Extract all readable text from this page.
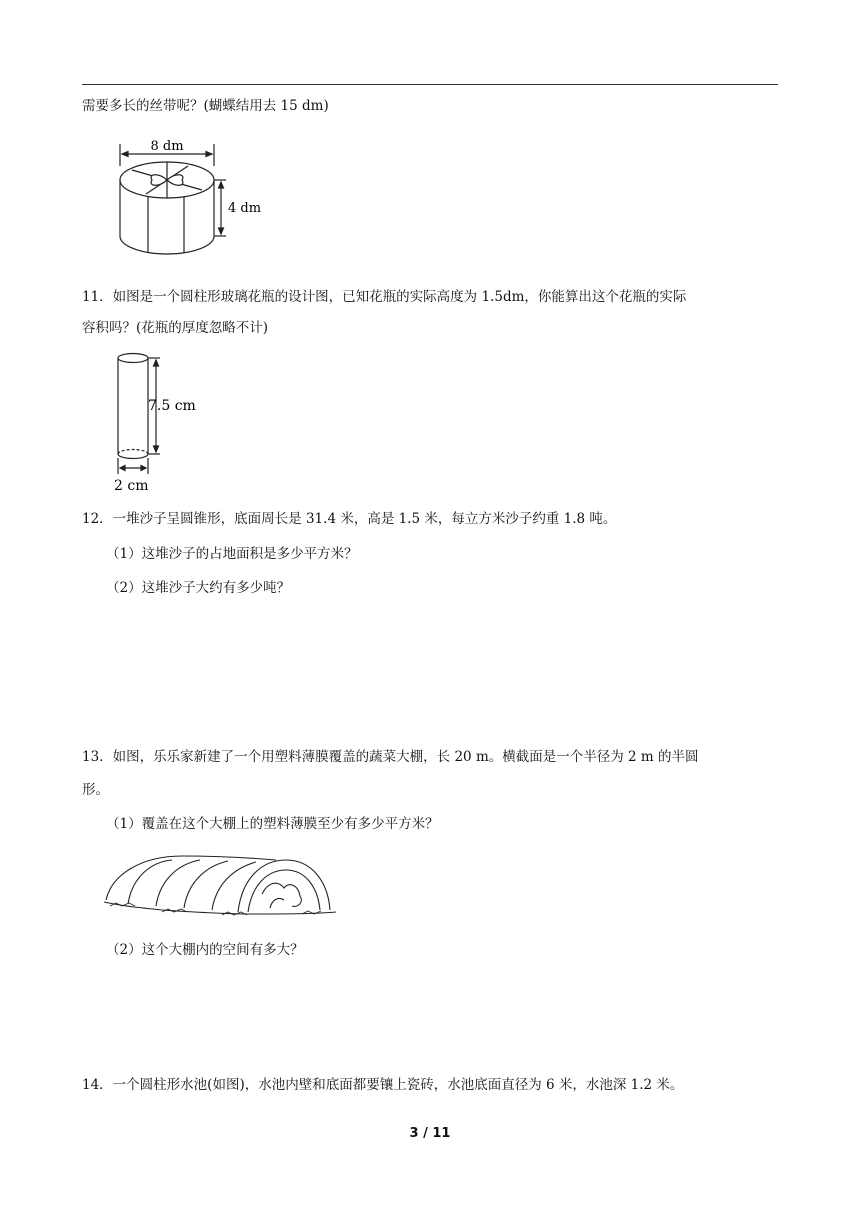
需要多长的丝带呢？(蝴蝶结用去 15 dm)
8 dm
4 dm
11．如图是一个圆柱形玻璃花瓶的设计图，已知花瓶的实际高度为 1.5dm，你能算出这个花瓶的实际
容积吗？(花瓶的厚度忽略不计)
7.5 cm
2 cm
12．一堆沙子呈圆锥形，底面周长是 31.4 米，高是 1.5 米，每立方米沙子约重 1.8 吨。
（1）这堆沙子的占地面积是多少平方米？
（2）这堆沙子大约有多少吨？
13．如图，乐乐家新建了一个用塑料薄膜覆盖的蔬菜大棚，长 20 m。横截面是一个半径为 2 m 的半圆
形。
（1）覆盖在这个大棚上的塑料薄膜至少有多少平方米？
（2）这个大棚内的空间有多大？
14．一个圆柱形水池(如图)，水池内壁和底面都要镶上瓷砖，水池底面直径为 6 米，水池深 1.2 米。
3 / 11
